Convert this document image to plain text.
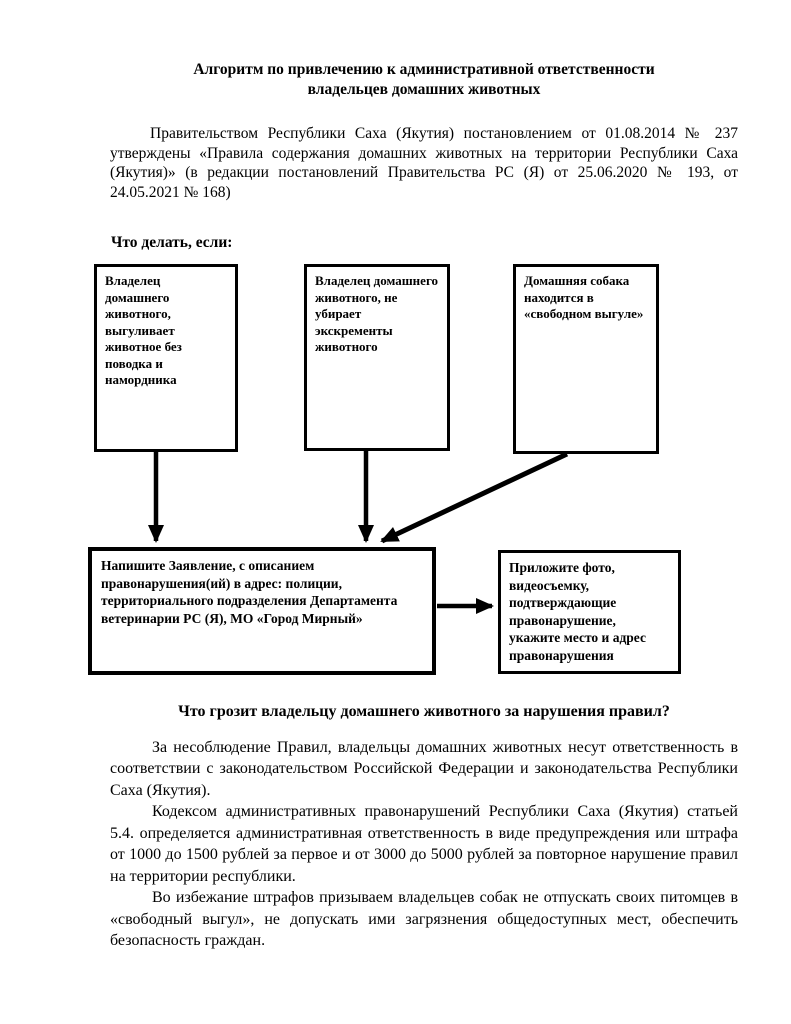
Алгоритм по привлечению к административной ответственности
владельцев домашних животных
Правительством Республики Саха (Якутия) постановлением от 01.08.2014 № 237 утверждены «Правила содержания домашних животных на территории Республики Саха (Якутия)» (в редакции постановлений Правительства РС (Я) от 25.06.2020 № 193, от 24.05.2021 № 168)
Что делать, если:
Владелец домашнего животного, выгуливает животное без поводка и намордника
Владелец домашнего животного, не убирает экскременты животного
Домашняя собака находится в «свободном выгуле»
Напишите Заявление, с описанием правонарушения(ий) в адрес: полиции, территориального подразделения Департамента ветеринарии РС (Я), МО «Город Мирный»
Приложите фото, видеосъемку, подтверждающие правонарушение, укажите место и адрес правонарушения
Что грозит владельцу домашнего животного за нарушения правил?

За несоблюдение Правил, владельцы домашних животных несут ответственность в соответствии с законодательством Российской Федерации и законодательства Республики Саха (Якутия).

Кодексом административных правонарушений Республики Саха (Якутия) статьей 5.4. определяется административная ответственность в виде предупреждения или штрафа от 1000 до 1500 рублей за первое и от 3000 до 5000 рублей за повторное нарушение правил на территории республики.

Во избежание штрафов призываем владельцев собак не отпускать своих питомцев в «свободный выгул», не допускать ими загрязнения общедоступных мест, обеспечить безопасность граждан.
